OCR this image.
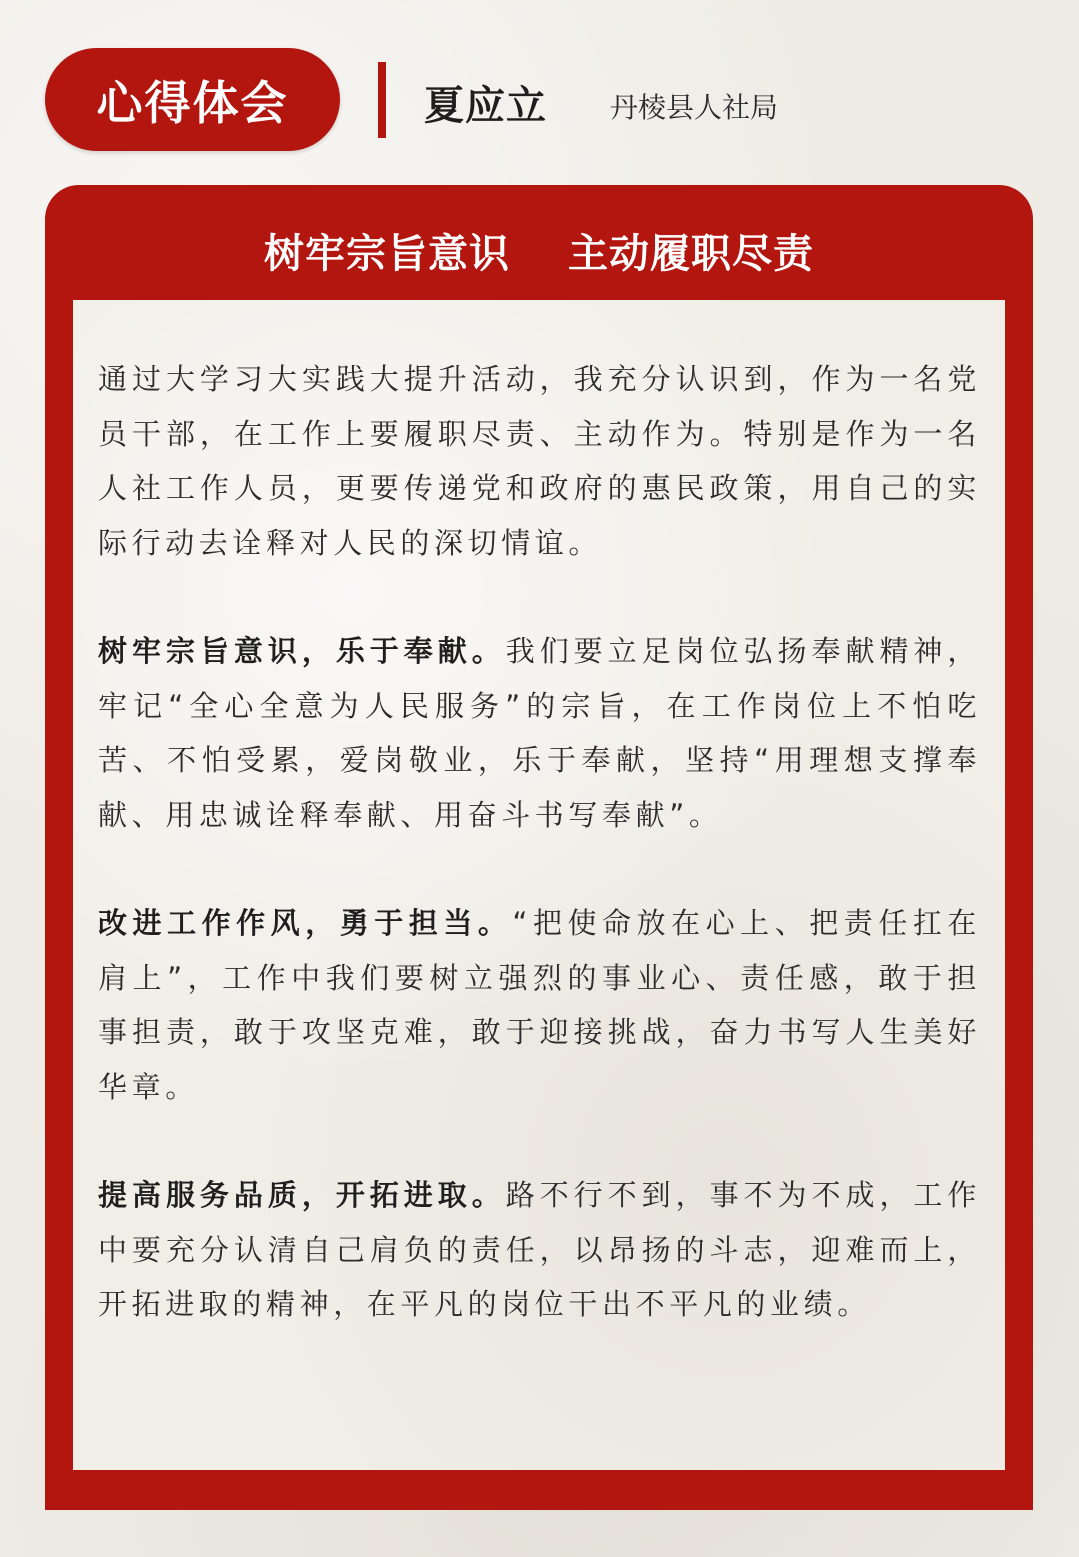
心得体会	夏应立 丹棱县人社局
树牢宗旨意识 主动履职尽责

通过大学习大实践大提升活动，我充分认识到，作为一名党员干部，在工作上要履职尽责、主动作为。特别是作为一名人社工作人员，更要传递党和政府的惠民政策，用自己的实际行动去诠释对人民的深切情谊。

树牢宗旨意识，乐于奉献。我们要立足岗位弘扬奉献精神，牢记“全心全意为人民服务”的宗旨，在工作岗位上不怕吃苦、不怕受累，爱岗敬业，乐于奉献，坚持“用理想支撑奉献、用忠诚诠释奉献、用奋斗书写奉献”。

改进工作作风，勇于担当。“把使命放在心上、把责任扛在肩上”，工作中我们要树立强烈的事业心、责任感，敢于担事担责，敢于攻坚克难，敢于迎接挑战，奋力书写人生美好华章。

提高服务品质，开拓进取。路不行不到，事不为不成，工作中要充分认清自己肩负的责任，以昂扬的斗志，迎难而上，开拓进取的精神，在平凡的岗位干出不平凡的业绩。
